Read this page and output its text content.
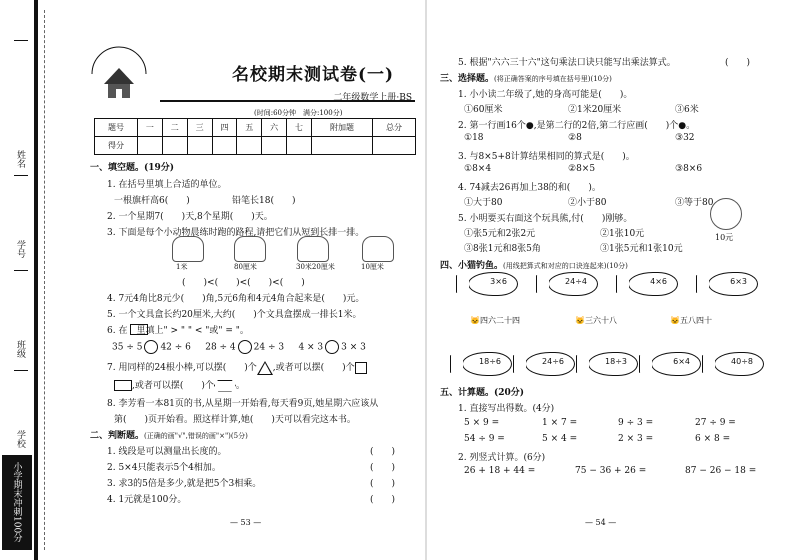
姓名
学号
班级
学校
小学期末冲刺100分
名校期末测试卷(一)
二年级数学上册·BS
(时间:60分钟　满分:100分)
题号	一	二	三	四	五	六	七	附加题	总分
得分									
一、填空题。(19分)
1. 在括号里填上合适的单位。
一根旗杆高6(　　)	铅笔长18(　　)
2. 一个星期7(　　)天,8个星期(　　)天。
3. 下面是每个小动物晨练时跑的路程,请把它们从短到长排一排。
1米	80厘米	30米20厘米	10厘米
(　　)<(　　)<(　　)<(　　)
4. 7元4角比8元少(　　)角,5元6角和4元4角合起来是(　　)元。
5. 一个文具盒长约20厘米,大约(　　)个文具盒摆成一排长1米。
6. 在　里填上" > " " < "或" = "。
35 ÷ 5 42 ÷ 6 28 ÷ 4 24 ÷ 3 4 × 3 3 × 3
7. 用同样的24根小棒,可以摆(　　)个 ,或者可以摆(　　)个
,或者可以摆(　　)个 。
8. 李芳看一本81页的书,从星期一开始看,每天看9页,她星期六应该从
第(　　)页开始看。照这样计算,她(　　)天可以看完这本书。
二、判断题。(正确的画"√",错误的画"×")(5分)
1. 线段是可以测量出长度的。	(　　)
2. 5×4只能表示5个4相加。	(　　)
3. 求3的5倍是多少,就是把5个3相乘。	(　　)
4. 1元就是100分。	(　　)
— 53 —
5. 根据"六六三十六"这句乘法口诀只能写出乘法算式。	(　　)
三、选择题。(将正确答案的序号填在括号里)(10分)
1. 小小读二年级了,她的身高可能是(　　)。
①60厘米	②1米20厘米	③6米
2. 第一行画16个●,是第二行的2倍,第二行应画(　　)个●。
①18	②8	③32
3. 与8×5+8计算结果相同的算式是(　　)。
①8×4	②8×5	③8×6
4. 74减去26再加上38的和(　　)。
①大于80	②小于80	③等于80
5. 小明要买右面这个玩具熊,付(　　)刚够。
①张5元和2张2元	②1张10元
③8张1元和8张5角	③1张5元和1张10元
10元
四、小猫钓鱼。(用线把算式和对应的口诀连起来)(10分)
3×6	24÷4	4×6	6×3
🐱四六二十四	🐱三六十八	🐱五八四十
18÷6	24÷6	18÷3	6×4	40÷8
五、计算题。(20分)
1. 直接写出得数。(4分)
5 × 9 =	1 × 7 =	9 ÷ 3 =	27 ÷ 9 =
54 ÷ 9 =	5 × 4 =	2 × 3 =	6 × 8 =
2. 列竖式计算。(6分)
26 + 18 + 44 =	75 − 36 + 26 =	87 − 26 − 18 =
— 54 —
